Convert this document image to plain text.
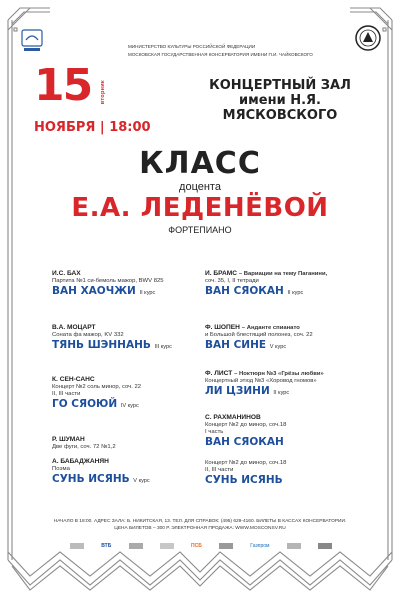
МИНИСТЕРСТВО КУЛЬТУРЫ РОССИЙСКОЙ ФЕДЕРАЦИИ
МОСКОВСКАЯ ГОСУДАРСТВЕННАЯ КОНСЕРВАТОРИЯ ИМЕНИ П.И. ЧАЙКОВСКОГО
15 вторник
НОЯБРЯ | 18:00
КОНЦЕРТНЫЙ ЗАЛ
имени Н.Я. МЯСКОВСКОГО
КЛАСС
доцента
Е.А. ЛЕДЕНЁВОЙ
ФОРТЕПИАНО
И.С. БАХ
Партита №1 си-бемоль мажор, BWV 825
ВАН ХАОЧЖИ II курс
В.А. МОЦАРТ
Соната фа мажор, KV 332
ТЯНЬ ШЭННАНЬ III курс
К. СЕН-САНС
Концерт №2 соль минор, соч. 22
II, III части
ГО СЯОЮЙ IV курс
Р. ШУМАН
Две фуги, соч. 72 №1,2
А. БАБАДЖАНЯН
Поэма
СУНЬ ИСЯНЬ V курс
И. БРАМС – Вариации на тему Паганини,
соч. 35, I, II тетради
ВАН СЯОКАН II курс
Ф. ШОПЕН – Анданте спианато
и Большой блестящий полонез, соч. 22
ВАН СИНЕ V курс
Ф. ЛИСТ – Ноктюрн №3 «Грёзы любви»
Концертный этюд №3 «Хоровод гномов»
ЛИ ЦЗИНИ II курс
С. РАХМАНИНОВ
Концерт №2 до минор, соч.18
I часть
ВАН СЯОКАН
Концерт №2 до минор, соч.18
II, III части
СУНЬ ИСЯНЬ
НАЧАЛО В 18:00. АДРЕС ЗАЛА: Б. НИКИТСКАЯ, 13. ТЕЛ. ДЛЯ СПРАВОК: (495) 629-4160. БИЛЕТЫ В КАССАХ КОНСЕРВАТОРИИ.
ЦЕНА БИЛЕТОВ – 300 Р. ЭЛЕКТРОННАЯ ПРОДАЖА: WWW.MOSCONSV.RU
ВТБ	ПСБ	Газпром
